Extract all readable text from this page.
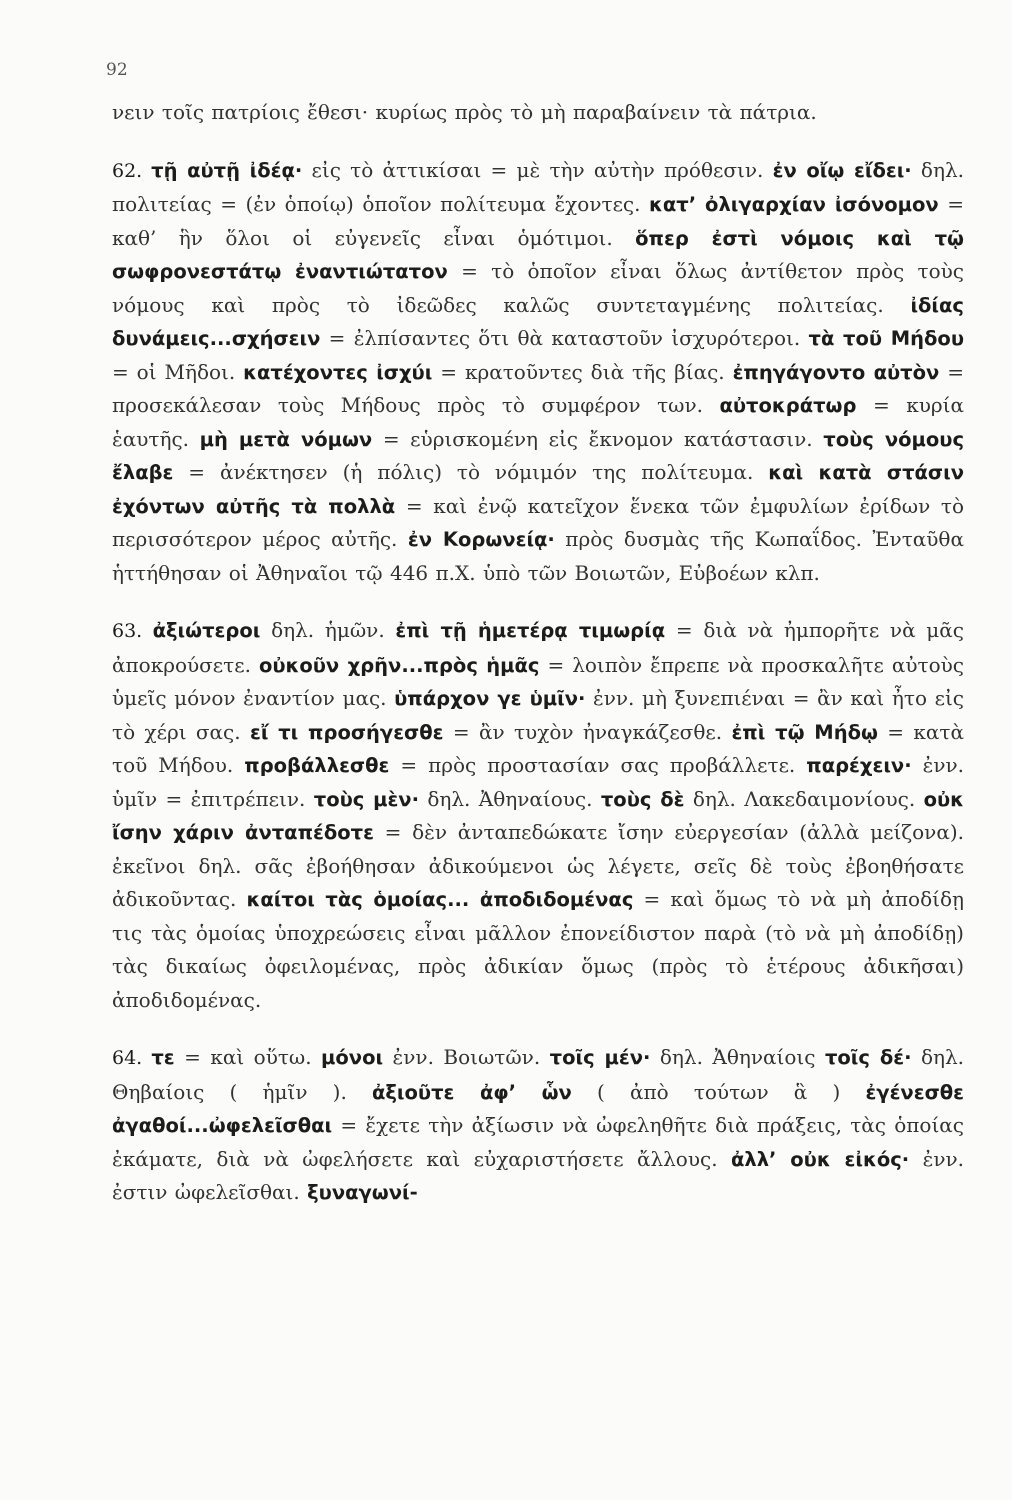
92

νειν τοῖς πατρίοις ἔθεσι· κυρίως πρὸς τὸ μὴ παραβαίνειν τὰ πάτρια.

62. τῇ αὐτῇ ἰδέᾳ· εἰς τὸ ἀττικίσαι = μὲ τὴν αὐτὴν πρόθεσιν. ἐν οἴῳ εἴδει· δηλ. πολιτείας = (ἐν ὁποίῳ) ὁποῖον πολίτευμα ἔχοντες. κατ’ ὀλιγαρχίαν ἰσόνομον = καθ’ ἣν ὅλοι οἱ εὐγενεῖς εἶναι ὁμότιμοι. ὅπερ ἐστὶ νόμοις καὶ τῷ σωφρονεστάτῳ ἐναντιώτατον = τὸ ὁποῖον εἶναι ὅλως ἀντίθετον πρὸς τοὺς νόμους καὶ πρὸς τὸ ἰδεῶδες καλῶς συντεταγμένης πολιτείας. ἰδίας δυνάμεις...σχήσειν = ἐλπίσαντες ὅτι θὰ καταστοῦν ἰσχυρότεροι. τὰ τοῦ Μήδου = οἱ Μῆδοι. κατέχοντες ἰσχύι = κρατοῦντες διὰ τῆς βίας. ἐπηγάγοντο αὐτὸν = προσεκάλεσαν τοὺς Μήδους πρὸς τὸ συμφέρον των. αὐτοκράτωρ = κυρία ἑαυτῆς. μὴ μετὰ νόμων = εὑρισκομένη εἰς ἔκνομον κατάστασιν. τοὺς νόμους ἔλαβε = ἀνέκτησεν (ἡ πόλις) τὸ νόμιμόν της πολίτευμα. καὶ κατὰ στάσιν ἐχόντων αὐτῆς τὰ πολλὰ = καὶ ἐνῷ κατεῖχον ἕνεκα τῶν ἐμφυλίων ἐρίδων τὸ περισσότερον μέρος αὐτῆς. ἐν Κορωνείᾳ· πρὸς δυσμὰς τῆς Κωπαΐδος. Ἐνταῦθα ἡττήθησαν οἱ Ἀθηναῖοι τῷ 446 π.Χ. ὑπὸ τῶν Βοιωτῶν, Εὐβοέων κλπ.

63. ἀξιώτεροι δηλ. ἡμῶν. ἐπὶ τῇ ἡμετέρᾳ τιμωρίᾳ = διὰ νὰ ἠμπορῆτε νὰ μᾶς ἀποκρούσετε. οὐκοῦν χρῆν...πρὸς ἡμᾶς = λοιπὸν ἔπρεπε νὰ προσκαλῆτε αὐτοὺς ὑμεῖς μόνον ἐναντίον μας. ὑπάρχον γε ὑμῖν· ἐνν. μὴ ξυνεπιέναι = ἂν καὶ ἦτο εἰς τὸ χέρι σας. εἴ τι προσήγεσθε = ἂν τυχὸν ἠναγκάζεσθε. ἐπὶ τῷ Μήδῳ = κατὰ τοῦ Μήδου. προβάλλεσθε = πρὸς προστασίαν σας προβάλλετε. παρέχειν· ἐνν. ὑμῖν = ἐπιτρέπειν. τοὺς μὲν· δηλ. Ἀθηναίους. τοὺς δὲ δηλ. Λακεδαιμονίους. οὐκ ἴσην χάριν ἀνταπέδοτε = δὲν ἀνταπεδώκατε ἴσην εὐεργεσίαν (ἀλλὰ μείζονα). ἐκεῖνοι δηλ. σᾶς ἐβοήθησαν ἀδικούμενοι ὡς λέγετε, σεῖς δὲ τοὺς ἐβοηθήσατε ἀδικοῦντας. καίτοι τὰς ὁμοίας... ἀποδιδομένας = καὶ ὅμως τὸ νὰ μὴ ἀποδίδῃ τις τὰς ὁμοίας ὑποχρεώσεις εἶναι μᾶλλον ἐπονείδιστον παρὰ (τὸ νὰ μὴ ἀποδίδῃ) τὰς δικαίως ὀφειλομένας, πρὸς ἀδικίαν ὅμως (πρὸς τὸ ἑτέρους ἀδικῆσαι) ἀποδιδομένας.

64. τε = καὶ οὕτω. μόνοι ἐνν. Βοιωτῶν. τοῖς μέν· δηλ. Ἀθηναίοις τοῖς δέ· δηλ. Θηβαίοις ( ἡμῖν ). ἀξιοῦτε ἀφ’ ὧν ( ἀπὸ τούτων ἃ ) ἐγένεσθε ἀγαθοί...ὠφελεῖσθαι = ἔχετε τὴν ἀξίωσιν νὰ ὠφεληθῆτε διὰ πράξεις, τὰς ὁποίας ἐκάματε, διὰ νὰ ὠφελήσετε καὶ εὐχαριστήσετε ἄλλους. ἀλλ’ οὐκ εἰκός· ἐνν. ἐστιν ὠφελεῖσθαι. ξυναγωνί-
